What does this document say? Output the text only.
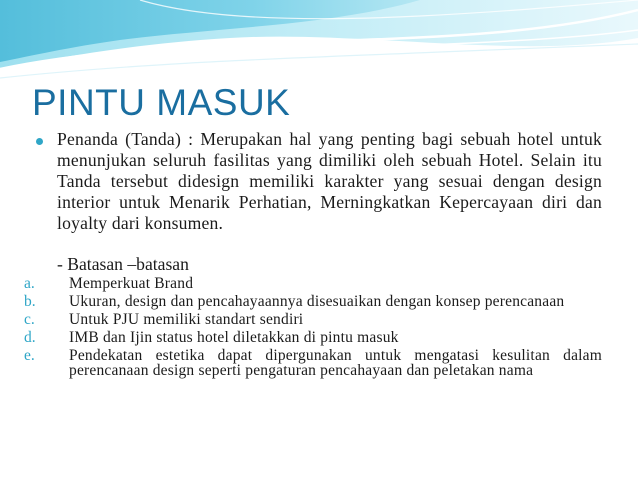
PINTU MASUK

Penanda (Tanda) : Merupakan hal yang penting bagi sebuah hotel untuk menunjukan seluruh fasilitas yang dimiliki oleh sebuah Hotel. Selain itu Tanda tersebut didesign memiliki karakter yang sesuai dengan design interior untuk Menarik Perhatian, Merningkatkan Kepercayaan diri dan loyalty dari konsumen.

- Batasan –batasan

a. Memperkuat Brand
b. Ukuran, design dan pencahayaannya disesuaikan dengan konsep perencanaan
c. Untuk PJU memiliki standart sendiri
d. IMB dan Ijin status hotel diletakkan di pintu masuk
e. Pendekatan estetika dapat dipergunakan untuk mengatasi kesulitan dalam perencanaan design seperti pengaturan pencahayaan dan peletakan nama
